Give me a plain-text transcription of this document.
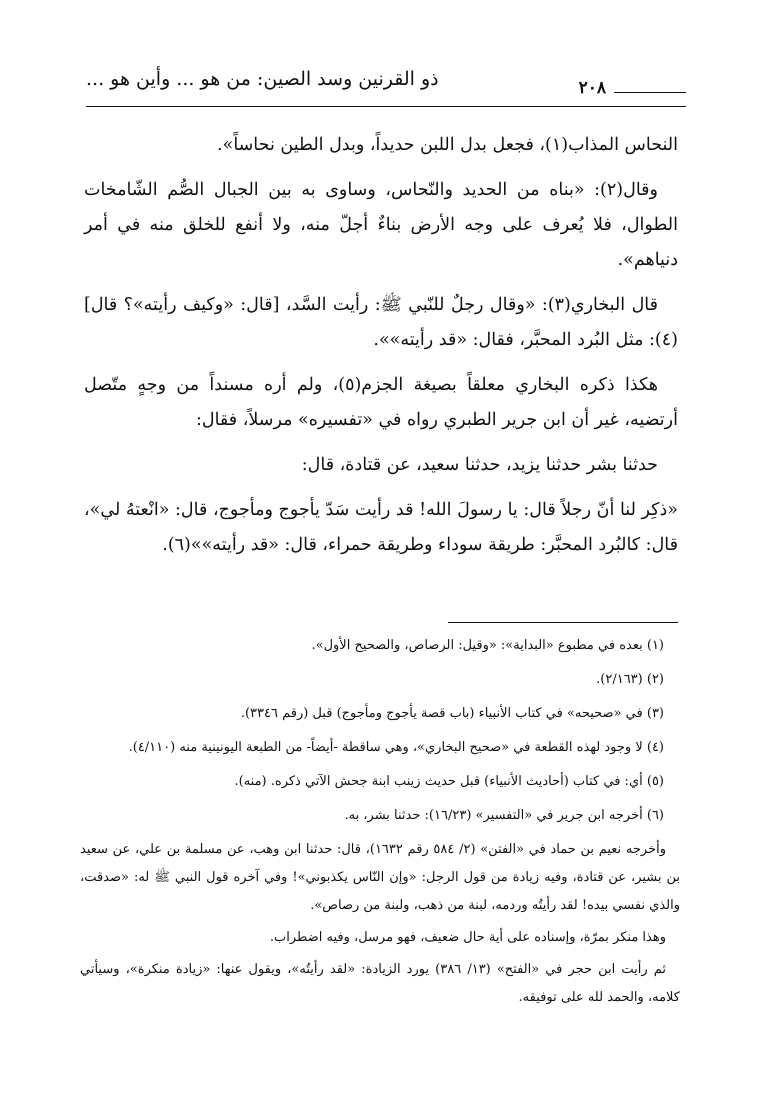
ذو القرنين وسد الصين: من هو ... وأين هو ...	٢٠٨

النحاس المذاب(١)، فجعل بدل اللبن حديداً، وبدل الطين نحاساً».

وقال(٢): «بناه من الحديد والنّحاس، وساوى به بين الجبال الصُّم الشّامخات الطوال، فلا يُعرف على وجه الأرض بناءٌ أجلّ منه، ولا أنفع للخلق منه في أمر دنياهم».

قال البخاري(٣): «وقال رجلٌ للنّبي ﷺ: رأيت السَّد، [قال: «وكيف رأيته»؟ قال](٤): مثل البُرد المحبَّر، فقال: «قد رأيته»».

هكذا ذكره البخاري معلقاً بصيغة الجزم(٥)، ولم أره مسنداً من وجهٍ متّصل أرتضيه، غير أن ابن جرير الطبري رواه في «تفسيره» مرسلاً، فقال:

حدثنا بشر حدثنا يزيد، حدثنا سعيد، عن قتادة، قال:

«ذكِر لنا أنّ رجلاً قال: يا رسولَ الله! قد رأيت سَدّ يأجوج ومأجوج، قال: «انْعتهُ لي»، قال: كالبُرد المحبَّر: طريقة سوداء وطريقة حمراء، قال: «قد رأيته»»(٦).

(١) بعده في مطبوع «البداية»: «وقيل: الرصاص، والصحيح الأول».

(٢) (٢/١٦٣).

(٣) في «صحيحه» في كتاب الأنبياء (باب قصة يأجوج ومأجوج) قبل (رقم ٣٣٤٦).

(٤) لا وجود لهذه القطعة في «صحيح البخاري»، وهي ساقطة -أيضاً- من الطبعة اليونينية منه (٤/١١٠).

(٥) أي: في كتاب (أحاديث الأنبياء) قبل حديث زينب ابنة جحش الآتي ذكره. (منه).

(٦) أخرجه ابن جرير في «التفسير» (١٦/٢٣): حدثنا بشر، به.

وأخرجه نعيم بن حماد في «الفتن» (٢/ ٥٨٤ رقم ١٦٣٢)، قال: حدثنا ابن وهب، عن مسلمة بن علي، عن سعيد بن بشير، عن قتادة، وفيه زيادة من قول الرجل: «وإن النّاس يكذبوني»! وفي آخره قول النبي ﷺ له: «صدقت، والذي نفسي بيده! لقد رأيتُه وردمه، لبنة من ذهب، ولبنة من رصاص».

وهذا منكر بمرّة، وإسناده على أية حال ضعيف، فهو مرسل، وفيه اضطراب.

ثم رأيت ابن حجر في «الفتح» (١٣/ ٣٨٦) يورد الزيادة: «لقد رأيتُه»، ويقول عنها: «زيادة منكرة»، وسيأتي كلامه، والحمد لله على توفيقه.
